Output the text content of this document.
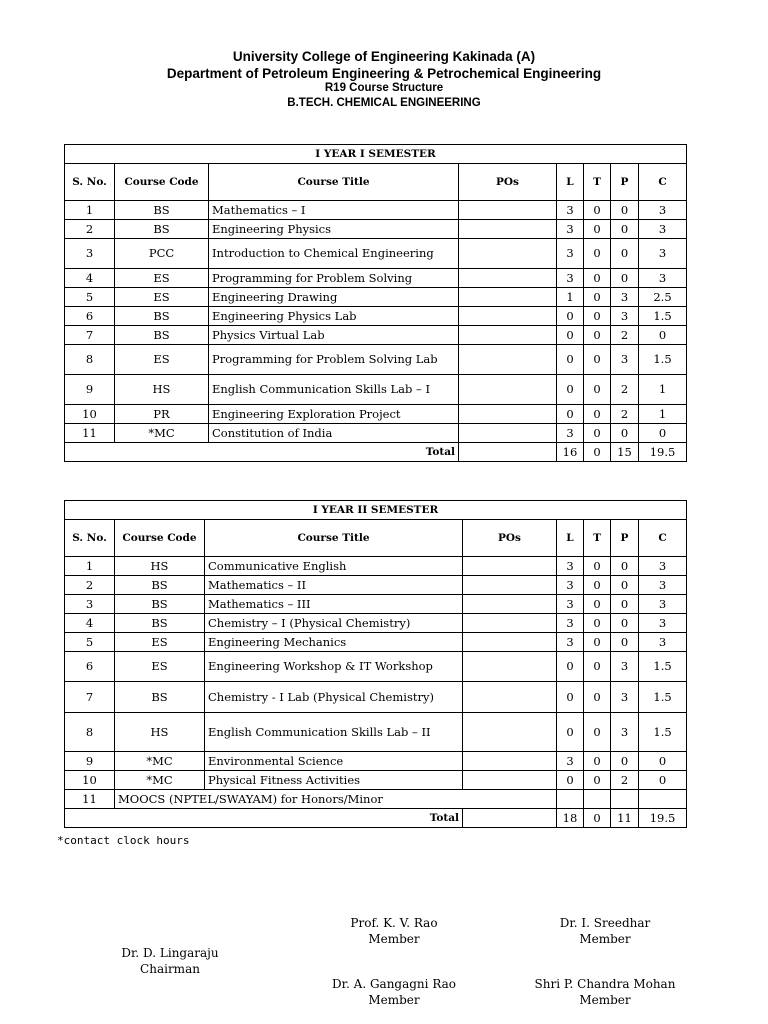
University College of Engineering Kakinada (A)
Department of Petroleum Engineering & Petrochemical Engineering
R19 Course Structure
B.TECH. CHEMICAL ENGINEERING
I YEAR I SEMESTER							
S. No.	Course Code	Course Title	POs	L	T	P	C
1	BS	Mathematics – I		3	0	0	3
2	BS	Engineering Physics		3	0	0	3
3	PCC	Introduction to Chemical Engineering		3	0	0	3
4	ES	Programming for Problem Solving		3	0	0	3
5	ES	Engineering Drawing		1	0	3	2.5
6	BS	Engineering Physics Lab		0	0	3	1.5
7	BS	Physics Virtual Lab		0	0	2	0
8	ES	Programming for Problem Solving Lab		0	0	3	1.5
9	HS	English Communication Skills Lab – I		0	0	2	1
10	PR	Engineering Exploration Project		0	0	2	1
11	*MC	Constitution of India		3	0	0	0
Total				16	0	15	19.5
I YEAR II SEMESTER							
S. No.	Course Code	Course Title	POs	L	T	P	C
1	HS	Communicative English		3	0	0	3
2	BS	Mathematics – II		3	0	0	3
3	BS	Mathematics – III		3	0	0	3
4	BS	Chemistry – I (Physical Chemistry)		3	0	0	3
5	ES	Engineering Mechanics		3	0	0	3
6	ES	Engineering Workshop & IT Workshop		0	0	3	1.5
7	BS	Chemistry - I Lab (Physical Chemistry)		0	0	3	1.5
8	HS	English Communication Skills Lab – II		0	0	3	1.5
9	*MC	Environmental Science		3	0	0	0
10	*MC	Physical Fitness Activities		0	0	2	0
11	MOOCS (NPTEL/SWAYAM) for Honors/Minor						
Total				18	0	11	19.5
*contact clock hours
Prof. K. V. Rao
Member
Dr. I. Sreedhar
Member
Dr. D. Lingaraju
Chairman
Dr. A. Gangagni Rao
Member
Shri P. Chandra Mohan
Member
